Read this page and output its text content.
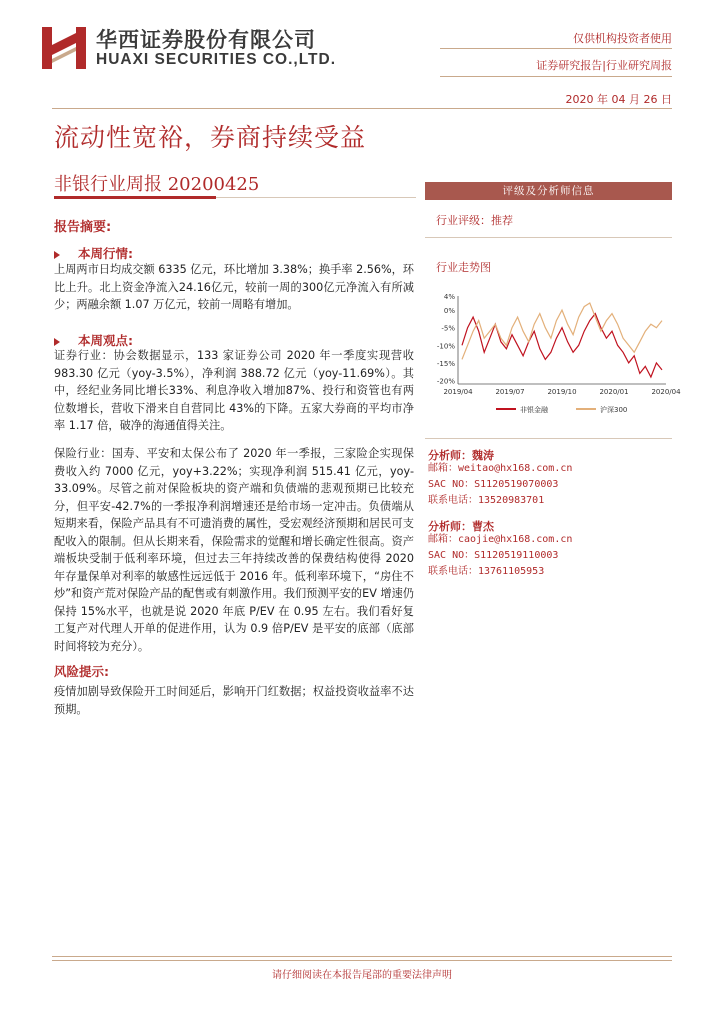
华西证券股份有限公司
HUAXI SECURITIES CO.,LTD.
仅供机构投资者使用
证券研究报告|行业研究周报
2020 年 04 月 26 日
流动性宽裕，券商持续受益
非银行业周报 20200425
报告摘要:
本周行情:

上周两市日均成交额 6335 亿元，环比增加 3.38%；换手率 2.56%，环比上升。北上资金净流入24.16亿元，较前一周的300亿元净流入有所减少；两融余额 1.07 万亿元，较前一周略有增加。

本周观点:

证券行业：协会数据显示，133 家证券公司 2020 年一季度实现营收 983.30 亿元（yoy-3.5%），净利润 388.72 亿元（yoy-11.69%）。其中，经纪业务同比增长33%、利息净收入增加87%、投行和资管也有两位数增长，营收下滑来自自营同比 43%的下降。五家大券商的平均市净率 1.17 倍，破净的海通值得关注。

保险行业：国寿、平安和太保公布了 2020 年一季报，三家险企实现保费收入约 7000 亿元，yoy+3.22%；实现净利润 515.41 亿元，yoy-33.09%。尽管之前对保险板块的资产端和负债端的悲观预期已比较充分，但平安-42.7%的一季报净利润增速还是给市场一定冲击。负债端从短期来看，保险产品具有不可遗消费的属性，受宏观经济预期和居民可支配收入的限制。但从长期来看，保险需求的觉醒和增长确定性很高。资产端板块受制于低利率环境，但过去三年持续改善的保费结构使得 2020 年存量保单对利率的敏感性远远低于 2016 年。低利率环境下，“房住不炒”和资产荒对保险产品的配售或有刺激作用。我们预测平安的EV 增速仍保持 15%水平，也就是说 2020 年底 P/EV 在 0.95 左右。我们看好复工复产对代理人开单的促进作用，认为 0.9 倍P/EV 是平安的底部（底部时间将较为充分）。

风险提示:

疫情加剧导致保险开工时间延后，影响开门红数据；权益投资收益率不达预期。

评级及分析师信息
行业评级：推荐
行业走势图
4%
0%
-5%
-10%
-15%
-20%
2019/04	2019/07	2019/10	2020/01	2020/04
非银金融	沪深300
分析师：魏涛
邮箱：weitao@hx168.com.cn
SAC NO：S1120519070003
联系电话：13520983701
分析师：曹杰
邮箱：caojie@hx168.com.cn
SAC NO：S1120519110003
联系电话：13761105953
请仔细阅读在本报告尾部的重要法律声明
